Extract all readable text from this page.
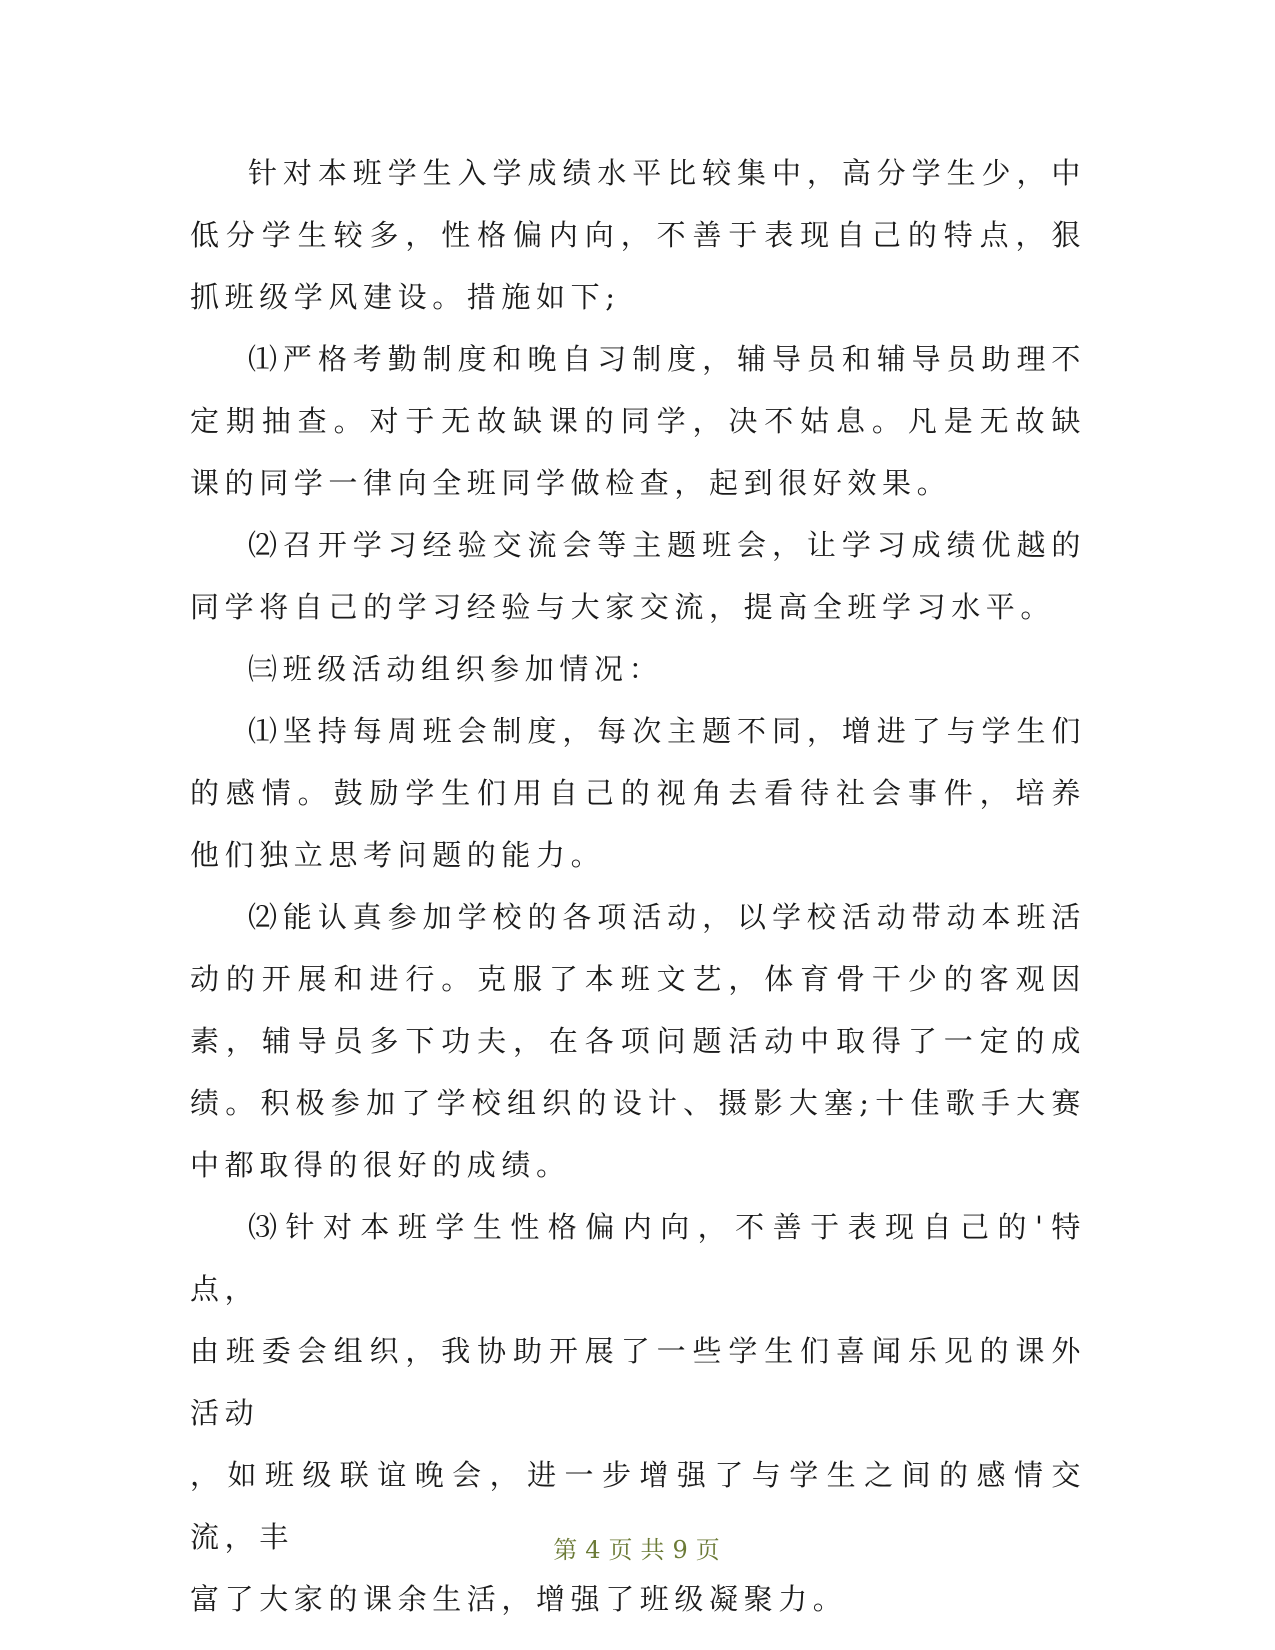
针对本班学生入学成绩水平比较集中，高分学生少，中低分学生较多，性格偏内向，不善于表现自己的特点，狠抓班级学风建设。措施如下;

⑴严格考勤制度和晚自习制度，辅导员和辅导员助理不定期抽查。对于无故缺课的同学，决不姑息。凡是无故缺课的同学一律向全班同学做检查，起到很好效果。

⑵召开学习经验交流会等主题班会，让学习成绩优越的同学将自己的学习经验与大家交流，提高全班学习水平。

㈢班级活动组织参加情况：

⑴坚持每周班会制度，每次主题不同，增进了与学生们的感情。鼓励学生们用自己的视角去看待社会事件，培养他们独立思考问题的能力。

⑵能认真参加学校的各项活动，以学校活动带动本班活动的开展和进行。克服了本班文艺，体育骨干少的客观因素，辅导员多下功夫，在各项问题活动中取得了一定的成绩。积极参加了学校组织的设计、摄影大塞;十佳歌手大赛中都取得的很好的成绩。

⑶针对本班学生性格偏内向，不善于表现自己的'特点，

由班委会组织，我协助开展了一些学生们喜闻乐见的课外活动

，如班级联谊晚会，进一步增强了与学生之间的感情交流，丰

富了大家的课余生活，增强了班级凝聚力。

第 4 页 共 9 页
